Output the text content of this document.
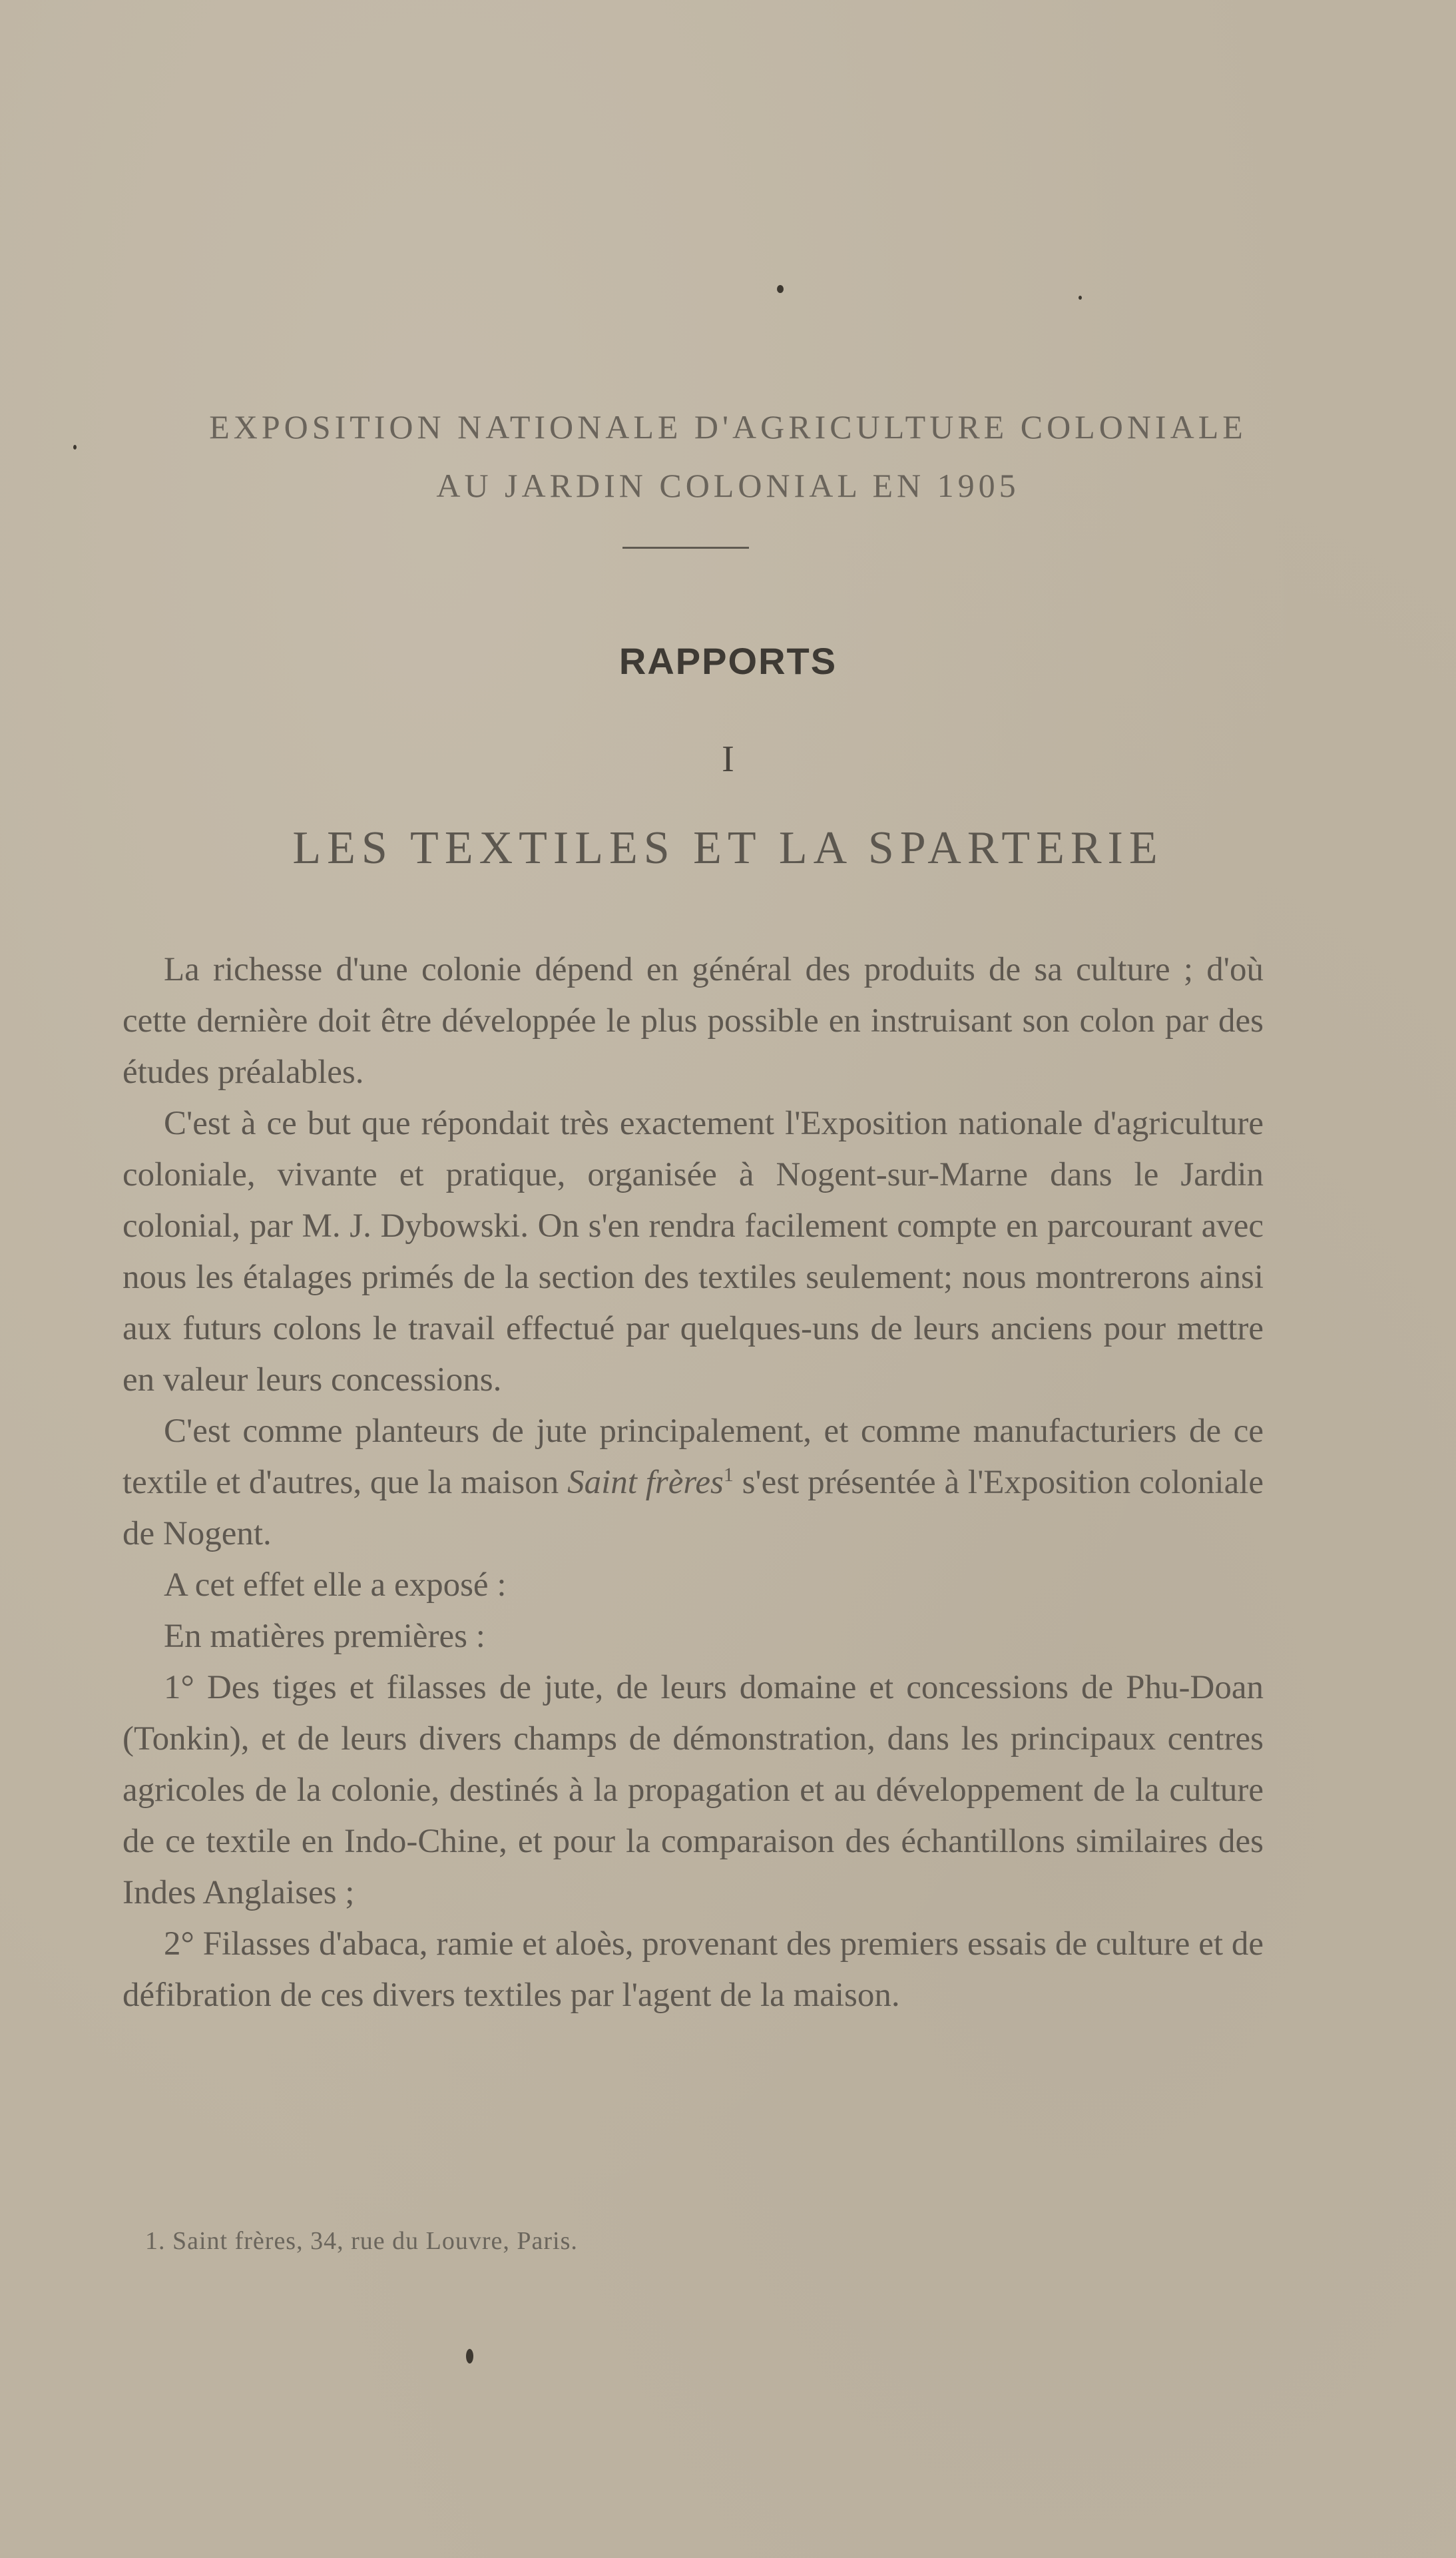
EXPOSITION NATIONALE D'AGRICULTURE COLONIALE
AU JARDIN COLONIAL EN 1905
RAPPORTS
I
LES TEXTILES ET LA SPARTERIE

La richesse d'une colonie dépend en général des produits de sa culture ; d'où cette dernière doit être développée le plus possible en instruisant son colon par des études préalables.

C'est à ce but que répondait très exactement l'Exposition nationale d'agriculture coloniale, vivante et pratique, organisée à Nogent-sur-Marne dans le Jardin colonial, par M. J. Dybowski. On s'en rendra facilement compte en parcourant avec nous les étalages primés de la section des textiles seulement; nous montrerons ainsi aux futurs colons le travail effectué par quelques-uns de leurs anciens pour mettre en valeur leurs concessions.

C'est comme planteurs de jute principalement, et comme manufacturiers de ce textile et d'autres, que la maison Saint frères$^1$ s'est présentée à l'Exposition coloniale de Nogent.

A cet effet elle a exposé :

En matières premières :

1° Des tiges et filasses de jute, de leurs domaine et concessions de Phu-Doan (Tonkin), et de leurs divers champs de démonstration, dans les principaux centres agricoles de la colonie, destinés à la propagation et au développement de la culture de ce textile en Indo-Chine, et pour la comparaison des échantillons similaires des Indes Anglaises ;

2° Filasses d'abaca, ramie et aloès, provenant des premiers essais de culture et de défibration de ces divers textiles par l'agent de la maison.

1. Saint frères, 34, rue du Louvre, Paris.
